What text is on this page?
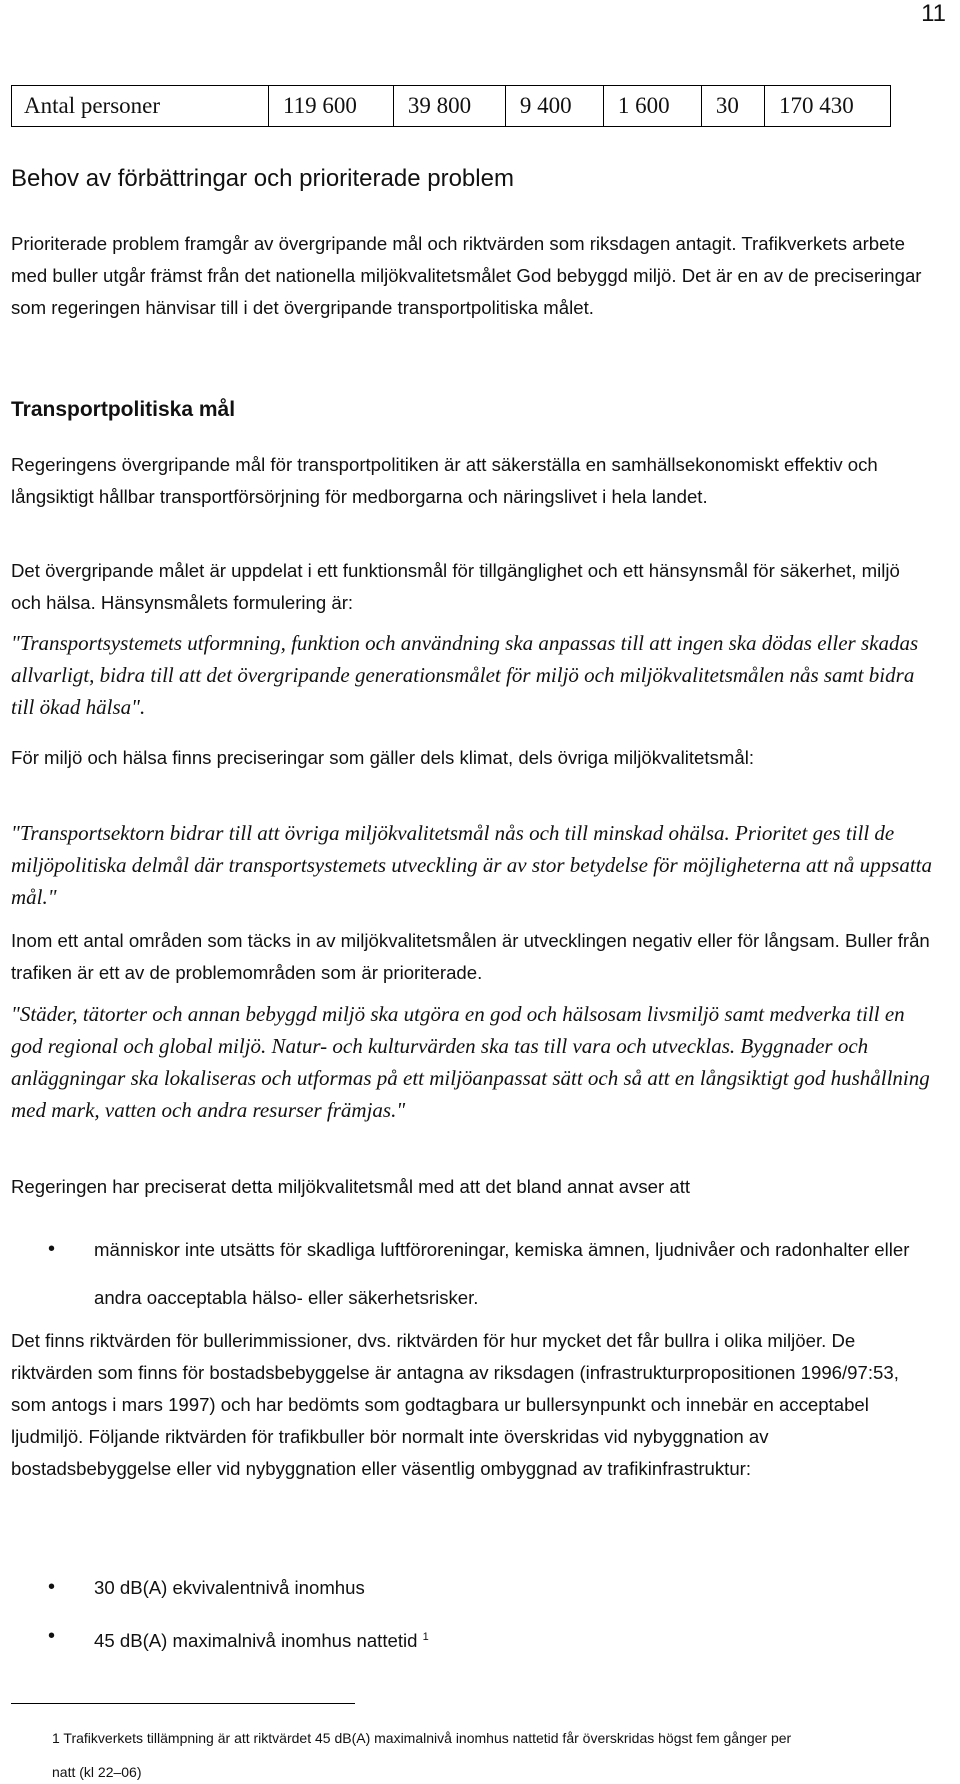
11
Antal personer	119 600	39 800	9 400	1 600	30	170 430
Behov av förbättringar och prioriterade problem

Prioriterade problem framgår av övergripande mål och riktvärden som riksdagen antagit. Trafikverkets arbete med buller utgår främst från det nationella miljökvalitetsmålet God bebyggd miljö. Det är en av de preciseringar som regeringen hänvisar till i det övergripande transportpolitiska målet.

Transportpolitiska mål

Regeringens övergripande mål för transportpolitiken är att säkerställa en samhällsekonomiskt effektiv och långsiktigt hållbar transportförsörjning för medborgarna och näringslivet i hela landet.

Det övergripande målet är uppdelat i ett funktionsmål för tillgänglighet och ett hänsynsmål för säkerhet, miljö och hälsa. Hänsynsmålets formulering är:

"Transportsystemets utformning, funktion och användning ska anpassas till att ingen ska dödas eller skadas allvarligt, bidra till att det övergripande generationsmålet för miljö och miljökvalitetsmålen nås samt bidra till ökad hälsa".

För miljö och hälsa finns preciseringar som gäller dels klimat, dels övriga miljökvalitetsmål:

"Transportsektorn bidrar till att övriga miljökvalitetsmål nås och till minskad ohälsa. Prioritet ges till de miljöpolitiska delmål där transportsystemets utveckling är av stor betydelse för möjligheterna att nå uppsatta mål."

Inom ett antal områden som täcks in av miljökvalitetsmålen är utvecklingen negativ eller för långsam. Buller från trafiken är ett av de problemområden som är prioriterade.

"Städer, tätorter och annan bebyggd miljö ska utgöra en god och hälsosam livsmiljö samt medverka till en god regional och global miljö. Natur- och kulturvärden ska tas till vara och utvecklas. Byggnader och anläggningar ska lokaliseras och utformas på ett miljöanpassat sätt och så att en långsiktigt god hushållning med mark, vatten och andra resurser främjas."

Regeringen har preciserat detta miljökvalitetsmål med att det bland annat avser att

• människor inte utsätts för skadliga luftföroreningar, kemiska ämnen, ljudnivåer och radonhalter eller andra oacceptabla hälso- eller säkerhetsrisker.

Det finns riktvärden för bullerimmissioner, dvs. riktvärden för hur mycket det får bullra i olika miljöer. De riktvärden som finns för bostadsbebyggelse är antagna av riksdagen (infrastrukturpropositionen 1996/97:53, som antogs i mars 1997) och har bedömts som godtagbara ur bullersynpunkt och innebär en acceptabel ljudmiljö. Följande riktvärden för trafikbuller bör normalt inte överskridas vid nybyggnation av bostadsbebyggelse eller vid nybyggnation eller väsentlig ombyggnad av trafikinfrastruktur:

• 30 dB(A) ekvivalentnivå inomhus

• 45 dB(A) maximalnivå inomhus nattetid $^1$

1 Trafikverkets tillämpning är att riktvärdet 45 dB(A) maximalnivå inomhus nattetid får överskridas högst fem gånger per

natt (kl 22–06)
